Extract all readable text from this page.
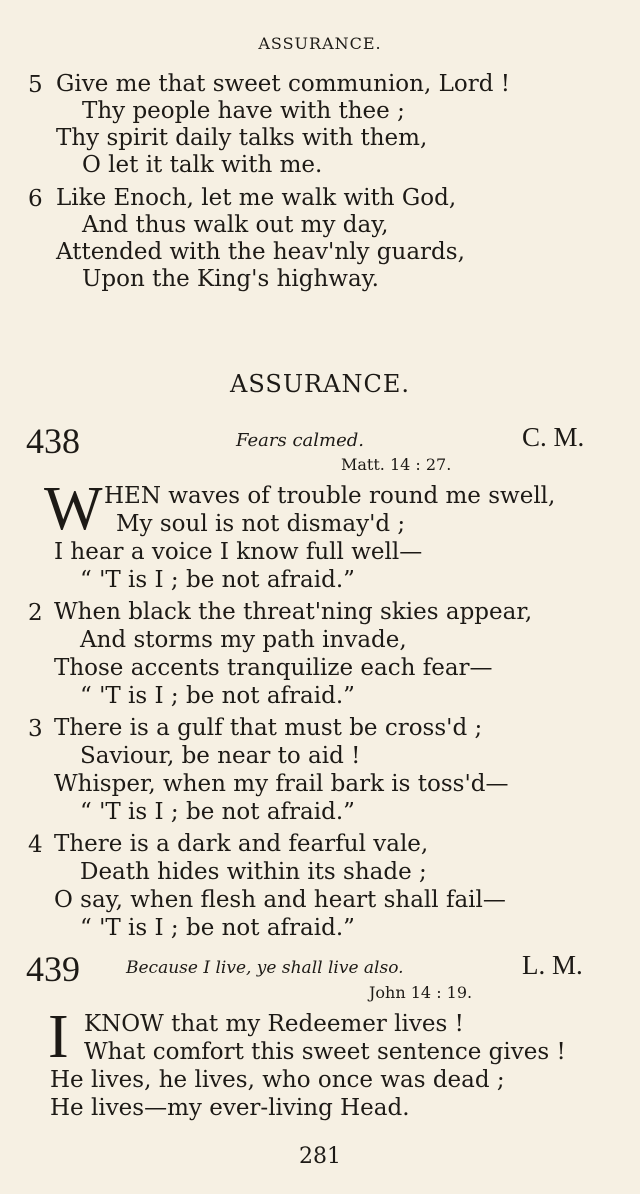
ASSURANCE.
5 Give me that sweet communion, Lord !
Thy people have with thee ;
Thy spirit daily talks with them,
O let it talk with me.
6 Like Enoch, let me walk with God,
And thus walk out my day,
Attended with the heav'nly guards,
Upon the King's highway.
ASSURANCE.
438	Fears calmed.	C. M.
Matt. 14 : 27.
W HEN waves of trouble round me swell,
My soul is not dismay'd ;
I hear a voice I know full well—
“ 'T is I ; be not afraid.”
2 When black the threat'ning skies appear,
And storms my path invade,
Those accents tranquilize each fear—
“ 'T is I ; be not afraid.”
3 There is a gulf that must be cross'd ;
Saviour, be near to aid !
Whisper, when my frail bark is toss'd—
“ 'T is I ; be not afraid.”
4 There is a dark and fearful vale,
Death hides within its shade ;
O say, when flesh and heart shall fail—
“ 'T is I ; be not afraid.”
439	Because I live, ye shall live also.	L. M.
John 14 : 19.
I KNOW that my Redeemer lives !
What comfort this sweet sentence gives !
He lives, he lives, who once was dead ;
He lives—my ever-living Head.
281
